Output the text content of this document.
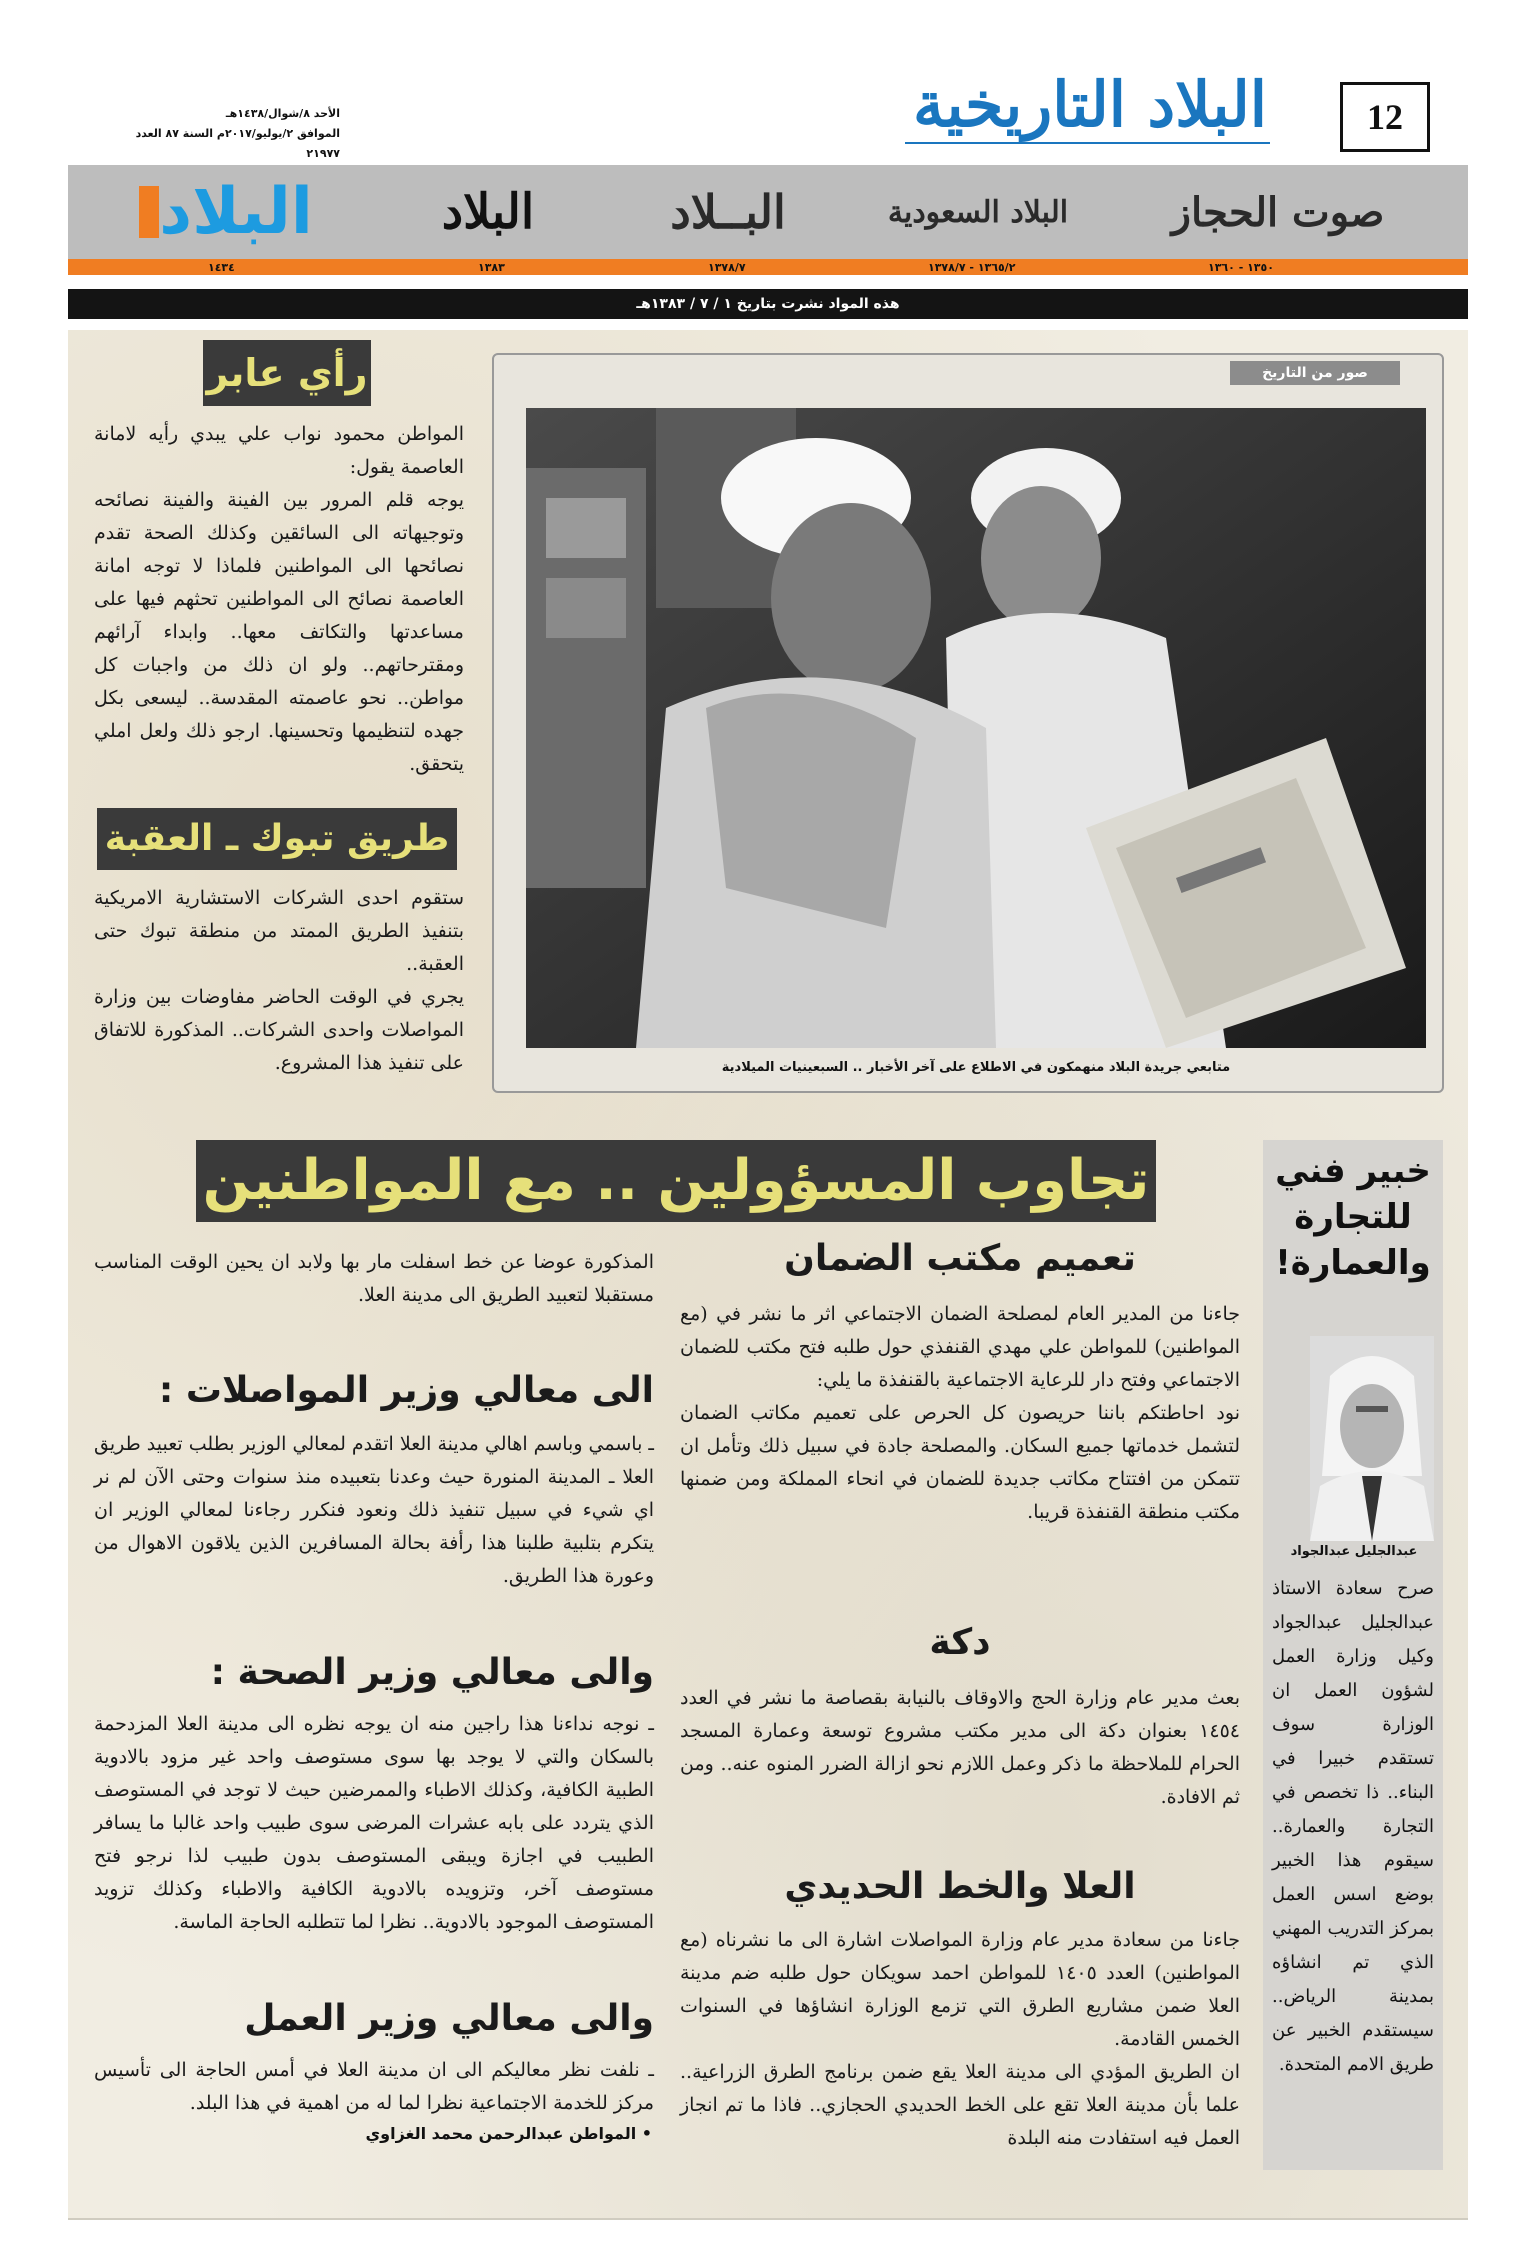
12
الأحد ٨/شوال/١٤٣٨هـ
الموافق ٢/يوليو/٢٠١٧م السنة ٨٧ العدد ٢١٩٧٧
البلاد التاريخية
صوت الحجاز
البلاد السعودية
البــلاد
البلاد
البلاد
١٣٥٠ - ١٣٦٠
١٣٦٥/٢ - ١٣٧٨/٧
١٣٧٨/٧
١٣٨٣
١٤٣٤
هذه المواد نشرت بتاريخ ١ / ٧ / ١٣٨٣هـ
صور من التاريخ
متابعي جريدة البلاد منهمكون في الاطلاع على آخر الأخبار .. السبعينيات الميلادية
رأي عابر

المواطن محمود نواب علي يبدي رأيه لامانة العاصمة يقول:

يوجه قلم المرور بين الفينة والفينة نصائحه وتوجيهاته الى السائقين وكذلك الصحة تقدم نصائحها الى المواطنين فلماذا لا توجه امانة العاصمة نصائح الى المواطنين تحثهم فيها على مساعدتها والتكاتف معها.. وابداء آرائهم ومقترحاتهم.. ولو ان ذلك من واجبات كل مواطن.. نحو عاصمته المقدسة.. ليسعى بكل جهده لتنظيمها وتحسينها. ارجو ذلك ولعل املي يتحقق.

طريق تبوك ـ العقبة

ستقوم احدى الشركات الاستشارية الامريكية بتنفيذ الطريق الممتد من منطقة تبوك حتى العقبة..

يجري في الوقت الحاضر مفاوضات بين وزارة المواصلات واحدى الشركات.. المذكورة للاتفاق على تنفيذ هذا المشروع.

تجاوب المسؤولين .. مع المواطنين
تعميم مكتب الضمان

جاءنا من المدير العام لمصلحة الضمان الاجتماعي اثر ما نشر في (مع المواطنين) للمواطن علي مهدي القنفذي حول طلبه فتح مكتب للضمان الاجتماعي وفتح دار للرعاية الاجتماعية بالقنفذة ما يلي:

نود احاطتكم باننا حريصون كل الحرص على تعميم مكاتب الضمان لتشمل خدماتها جميع السكان. والمصلحة جادة في سبيل ذلك وتأمل ان تتمكن من افتتاح مكاتب جديدة للضمان في انحاء المملكة ومن ضمنها مكتب منطقة القنفذة قريبا.

دكة

بعث مدير عام وزارة الحج والاوقاف بالنيابة بقصاصة ما نشر في العدد ١٤٥٤ بعنوان دكة الى مدير مكتب مشروع توسعة وعمارة المسجد الحرام للملاحظة ما ذكر وعمل اللازم نحو ازالة الضرر المنوه عنه.. ومن ثم الافادة.

العلا والخط الحديدي

جاءنا من سعادة مدير عام وزارة المواصلات اشارة الى ما نشرناه (مع المواطنين) العدد ١٤٠٥ للمواطن احمد سويكان حول طلبه ضم مدينة العلا ضمن مشاريع الطرق التي تزمع الوزارة انشاؤها في السنوات الخمس القادمة.

ان الطريق المؤدي الى مدينة العلا يقع ضمن برنامج الطرق الزراعية.. علما بأن مدينة العلا تقع على الخط الحديدي الحجازي.. فاذا ما تم انجاز العمل فيه استفادت منه البلدة

المذكورة عوضا عن خط اسفلت مار بها ولابد ان يحين الوقت المناسب مستقبلا لتعبيد الطريق الى مدينة العلا.

الى معالي وزير المواصلات :

ـ باسمي وباسم اهالي مدينة العلا اتقدم لمعالي الوزير بطلب تعبيد طريق العلا ـ المدينة المنورة حيث وعدنا بتعبيده منذ سنوات وحتى الآن لم نر اي شيء في سبيل تنفيذ ذلك ونعود فنكرر رجاءنا لمعالي الوزير ان يتكرم بتلبية طلبنا هذا رأفة بحالة المسافرين الذين يلاقون الاهوال من وعورة هذا الطريق.

والى معالي وزير الصحة :

ـ نوجه نداءنا هذا راجين منه ان يوجه نظره الى مدينة العلا المزدحمة بالسكان والتي لا يوجد بها سوى مستوصف واحد غير مزود بالادوية الطبية الكافية، وكذلك الاطباء والممرضين حيث لا توجد في المستوصف الذي يتردد على بابه عشرات المرضى سوى طبيب واحد غالبا ما يسافر الطبيب في اجازة ويبقى المستوصف بدون طبيب لذا نرجو فتح مستوصف آخر، وتزويده بالادوية الكافية والاطباء وكذلك تزويد المستوصف الموجود بالادوية.. نظرا لما تتطلبه الحاجة الماسة.

والى معالي وزير العمل

ـ نلفت نظر معاليكم الى ان مدينة العلا في أمس الحاجة الى تأسيس مركز للخدمة الاجتماعية نظرا لما له من اهمية في هذا البلد.

• المواطن عبدالرحمن محمد الغزاوي
خبير فني للتجارة والعمارة!
عبدالجليل عبدالجواد
صرح سعادة الاستاذ عبدالجليل عبدالجواد وكيل وزارة العمل لشؤون العمل ان الوزارة سوف تستقدم خبيرا في البناء.. ذا تخصص في التجارة والعمارة.. سيقوم هذا الخبير بوضع اسس العمل بمركز التدريب المهني الذي تم انشاؤه بمدينة الرياض.. سيستقدم الخبير عن طريق الامم المتحدة.
